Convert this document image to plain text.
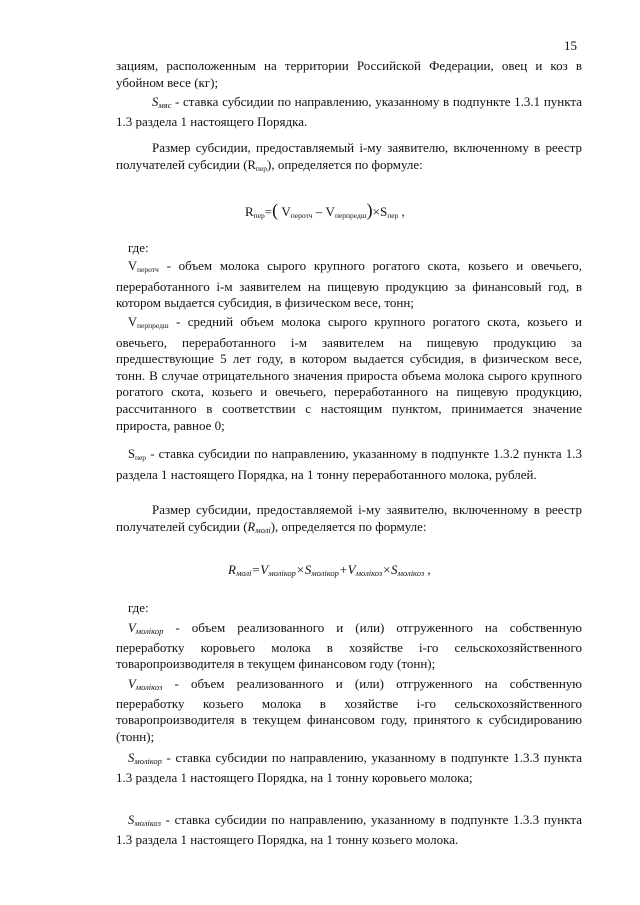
15

зациям, расположенным на территории Российской Федерации, овец и коз в убойном весе (кг);

Sмяс - ставка субсидии по направлению, указанному в подпункте 1.3.1 пункта 1.3 раздела 1 настоящего Порядка.

Размер субсидии, предоставляемый i-му заявителю, включенному в реестр получателей субсидии $(R_{пер})$, определяется по формуле:

$R_{пер}=$( $V_{перотч} - V_{перпредш})\times S_{пер}$ ,

где:

$V_{перотч}$ - объем молока сырого крупного рогатого скота, козьего и овечьего, переработанного i-м заявителем на пищевую продукцию за финансовый год, в котором выдается субсидия, в физическом весе, тонн;

$V_{перпредш}$ - средний объем молока сырого крупного рогатого скота, козьего и овечьего, переработанного i-м заявителем на пищевую продукцию за предшествующие 5 лет году, в котором выдается субсидия, в физическом весе, тонн. В случае отрицательного значения прироста объема молока сырого крупного рогатого скота, козьего и овечьего, переработанного на пищевую продукцию, рассчитанного в соответствии с настоящим пунктом, принимается значение прироста, равное 0;

$S_{пер}$ - ставка субсидии по направлению, указанному в подпункте 1.3.2 пункта 1.3 раздела 1 настоящего Порядка, на 1 тонну переработанного молока, рублей.

Размер субсидии, предоставляемой i-му заявителю, включенному в реестр получателей субсидии (Rмолі), определяется по формуле:

Rмолі=Vмолікор×Sмолікор+Vмолікоз×Sмолікоз ,

где:

Vмолікор - объем реализованного и (или) отгруженного на собственную переработку коровьего молока в хозяйстве i-го сельскохозяйственного товаропроизводителя в текущем финансовом году (тонн);

Vмолікоз - объем реализованного и (или) отгруженного на собственную переработку козьего молока в хозяйстве i-го сельскохозяйственного товаропроизводителя в текущем финансовом году, принятого к субсидированию (тонн);

Sмолікор - ставка субсидии по направлению, указанному в подпункте 1.3.3 пункта 1.3 раздела 1 настоящего Порядка, на 1 тонну коровьего молока;

Sмолікоз - ставка субсидии по направлению, указанному в подпункте 1.3.3 пункта 1.3 раздела 1 настоящего Порядка, на 1 тонну козьего молока.
